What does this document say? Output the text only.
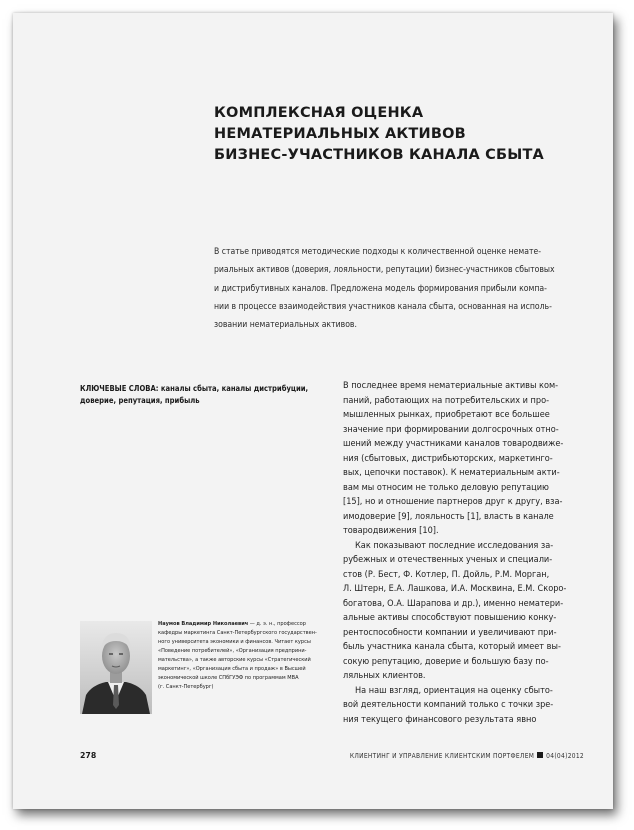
КОМПЛЕКСНАЯ ОЦЕНКА
НЕМАТЕРИАЛЬНЫХ АКТИВОВ
БИЗНЕС-УЧАСТНИКОВ КАНАЛА СБЫТА

В статье приводятся методические подходы к количественной оценке немате-
риальных активов (доверия, лояльности, репутации) бизнес-участников сбытовых
и дистрибутивных каналов. Предложена модель формирования прибыли компа-
нии в процессе взаимодействия участников канала сбыта, основанная на исполь-
зовании нематериальных активов.

КЛЮЧЕВЫЕ СЛОВА: каналы сбыта, каналы дистрибуции,
доверие, репутация, прибыль
В последнее время нематериальные активы ком-
паний, работающих на потребительских и про-
мышленных рынках, приобретают все большее
значение при формировании долгосрочных отно-
шений между участниками каналов товародвиже-
ния (сбытовых, дистрибьюторских, маркетинго-
вых, цепочки поставок). К нематериальным акти-
вам мы относим не только деловую репутацию
[15], но и отношение партнеров друг к другу, вза-
имодоверие [9], лояльность [1], власть в канале
товародвижения [10].
Как показывают последние исследования за-
рубежных и отечественных ученых и специали-
стов (Р. Бест, Ф. Котлер, П. Дойль, Р.М. Морган,
Л. Штерн, Е.А. Лашкова, И.А. Москвина, Е.М. Скоро-
богатова, О.А. Шарапова и др.), именно нематери-
альные активы способствуют повышению конку-
рентоспособности компании и увеличивают при-
быль участника канала сбыта, который имеет вы-
сокую репутацию, доверие и большую базу по-
ляльных клиентов.
На наш взгляд, ориентация на оценку сбыто-
вой деятельности компаний только с точки зре-
ния текущего финансового результата явно
Наумов Владимир Николаевич — д. э. н., профессор
кафедры маркетинга Санкт-Петербургского государствен-
ного университета экономики и финансов. Читает курсы
«Поведение потребителей», «Организация предприни-
мательства», а также авторские курсы «Стратегический
маркетинг», «Организация сбыта и продаж» в Высшей
экономической школе СПбГУЭФ по программам MBA
(г. Санкт-Петербург)
278	КЛИЕНТИНГ И УПРАВЛЕНИЕ КЛИЕНТСКИМ ПОРТФЕЛЕМ 04(04)2012
